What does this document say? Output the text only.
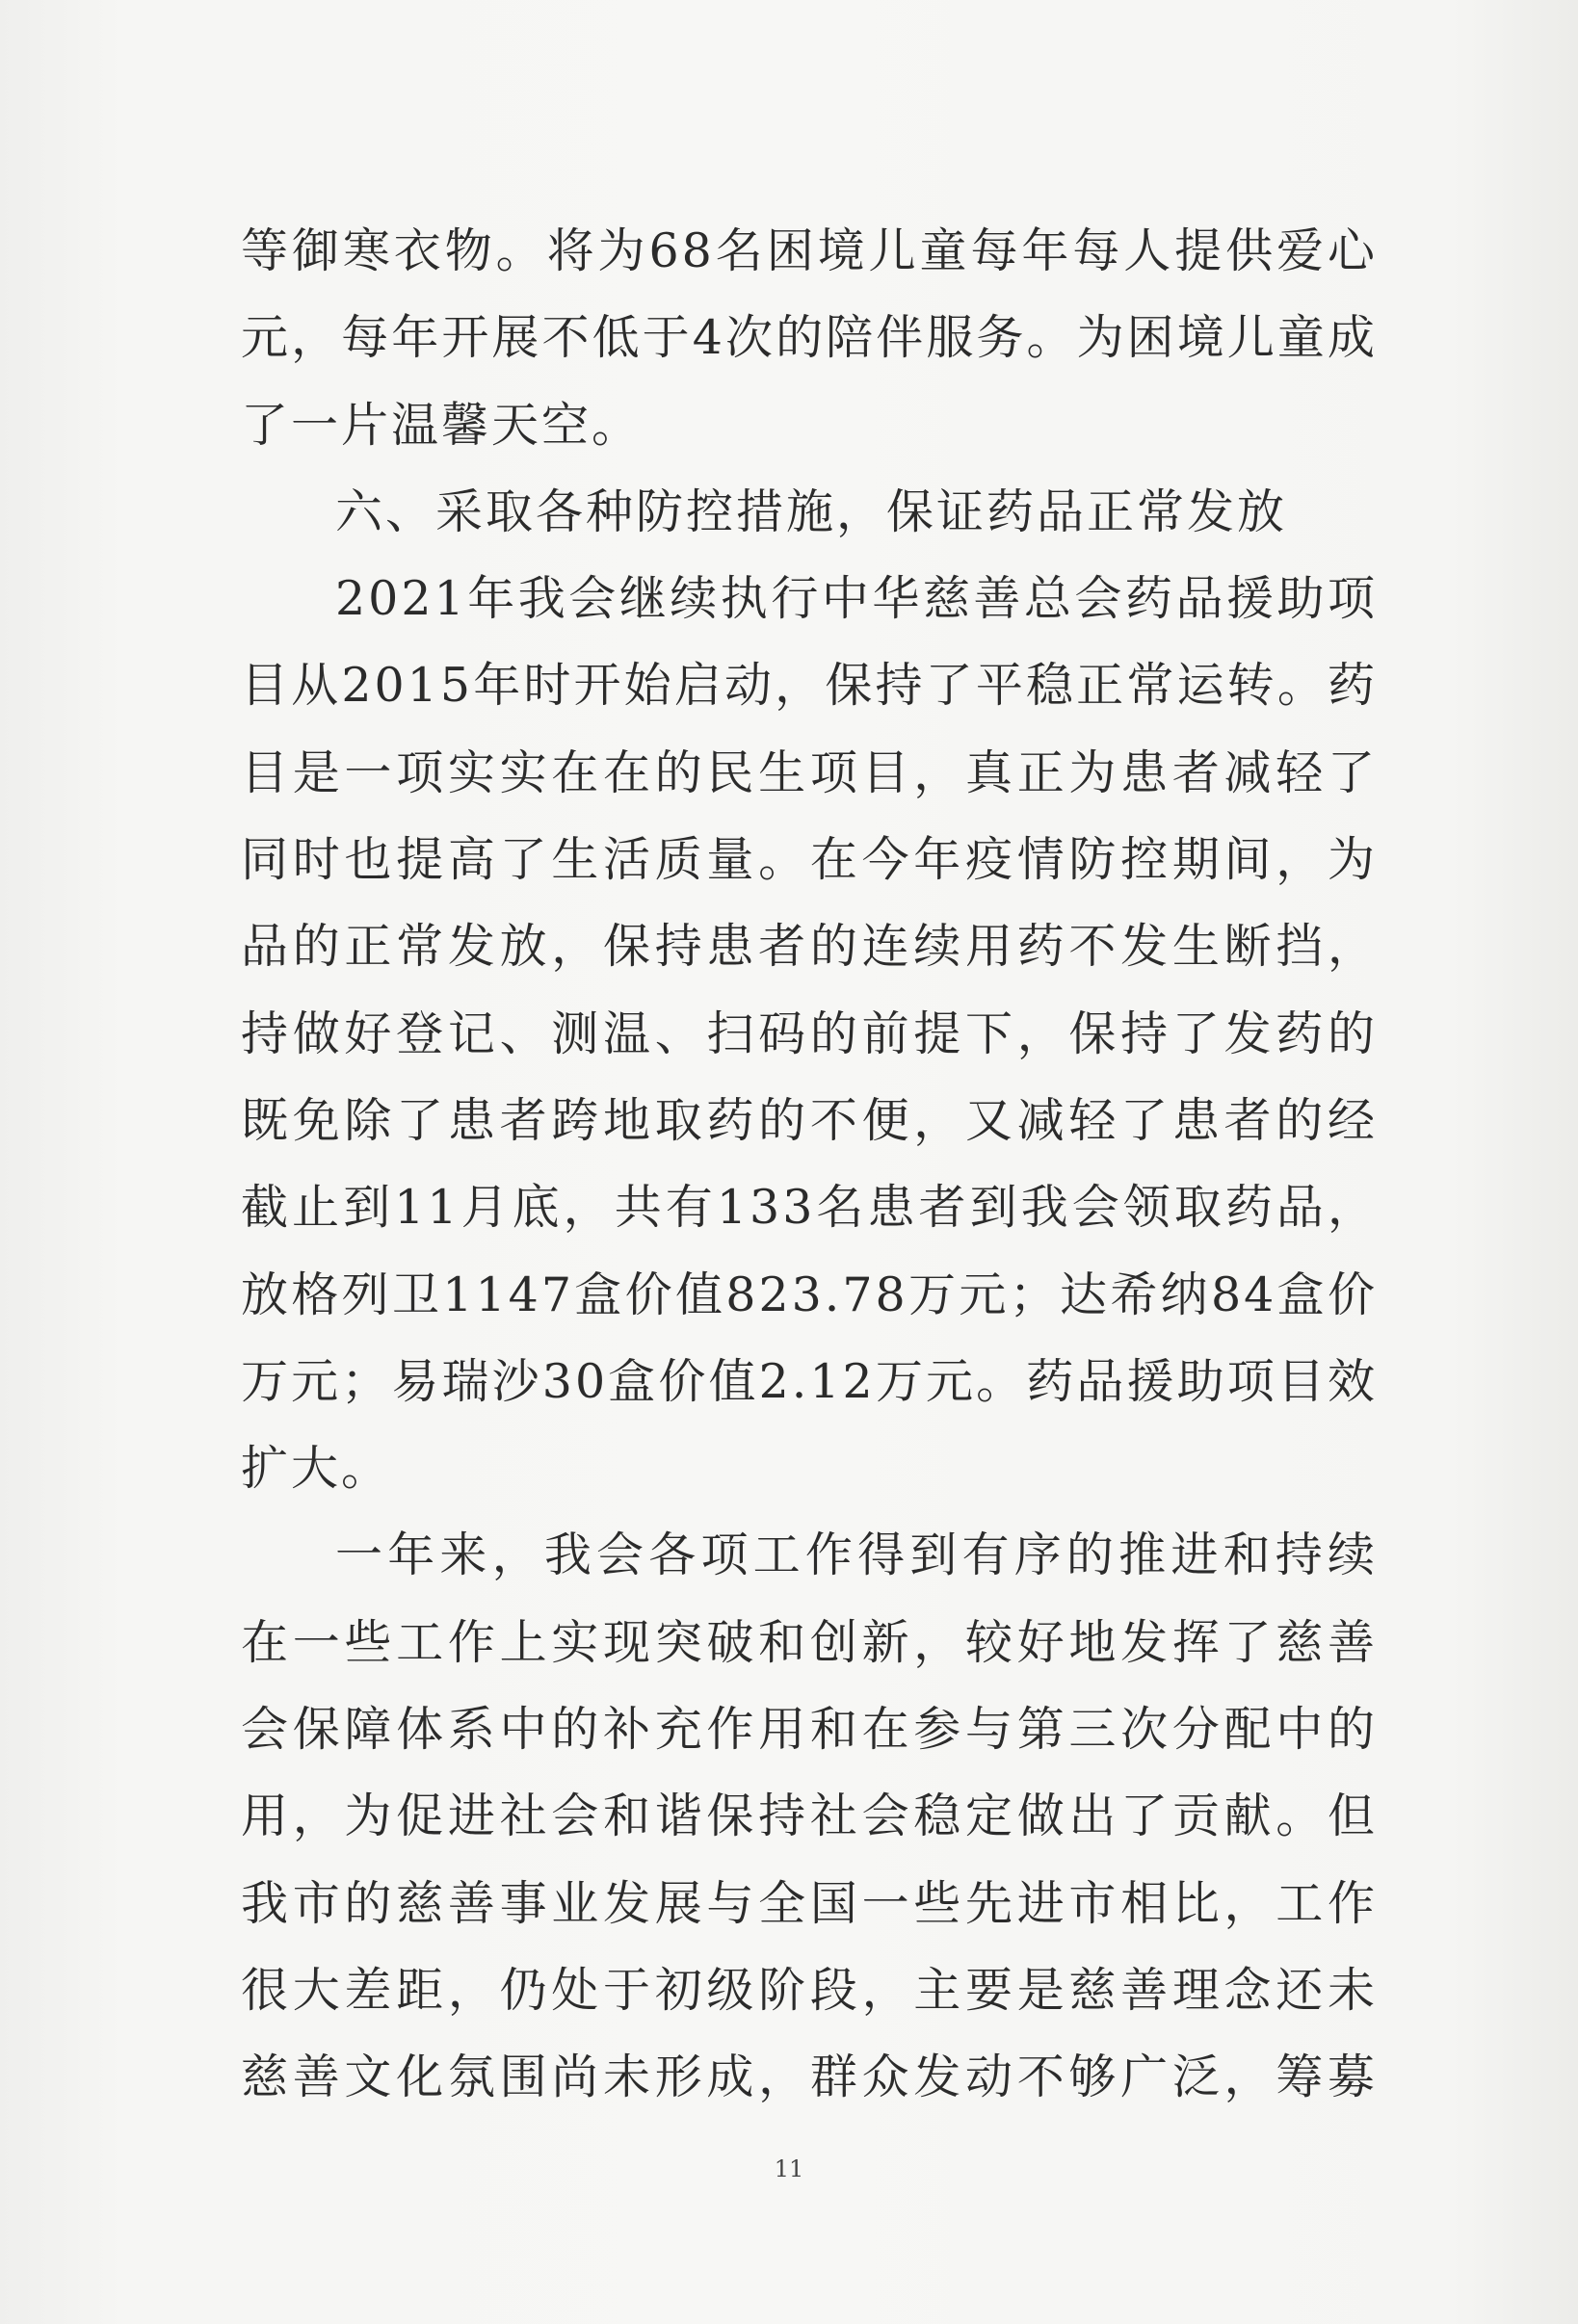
等御寒衣物。将为68名困境儿童每年每人提供爱心
元，每年开展不低于4次的陪伴服务。为困境儿童成
了一片温馨天空。
六、采取各种防控措施，保证药品正常发放
2021年我会继续执行中华慈善总会药品援助项
目从2015年时开始启动，保持了平稳正常运转。药
目是一项实实在在的民生项目，真正为患者减轻了
同时也提高了生活质量。在今年疫情防控期间，为
品的正常发放，保持患者的连续用药不发生断挡，
持做好登记、测温、扫码的前提下，保持了发药的
既免除了患者跨地取药的不便，又减轻了患者的经
截止到11月底，共有133名患者到我会领取药品，
放格列卫1147盒价值823.78万元；达希纳84盒价
万元；易瑞沙30盒价值2.12万元。药品援助项目效
扩大。
一年来，我会各项工作得到有序的推进和持续
在一些工作上实现突破和创新，较好地发挥了慈善
会保障体系中的补充作用和在参与第三次分配中的
用，为促进社会和谐保持社会稳定做出了贡献。但
我市的慈善事业发展与全国一些先进市相比，工作
很大差距，仍处于初级阶段，主要是慈善理念还未
慈善文化氛围尚未形成，群众发动不够广泛，筹募
11
